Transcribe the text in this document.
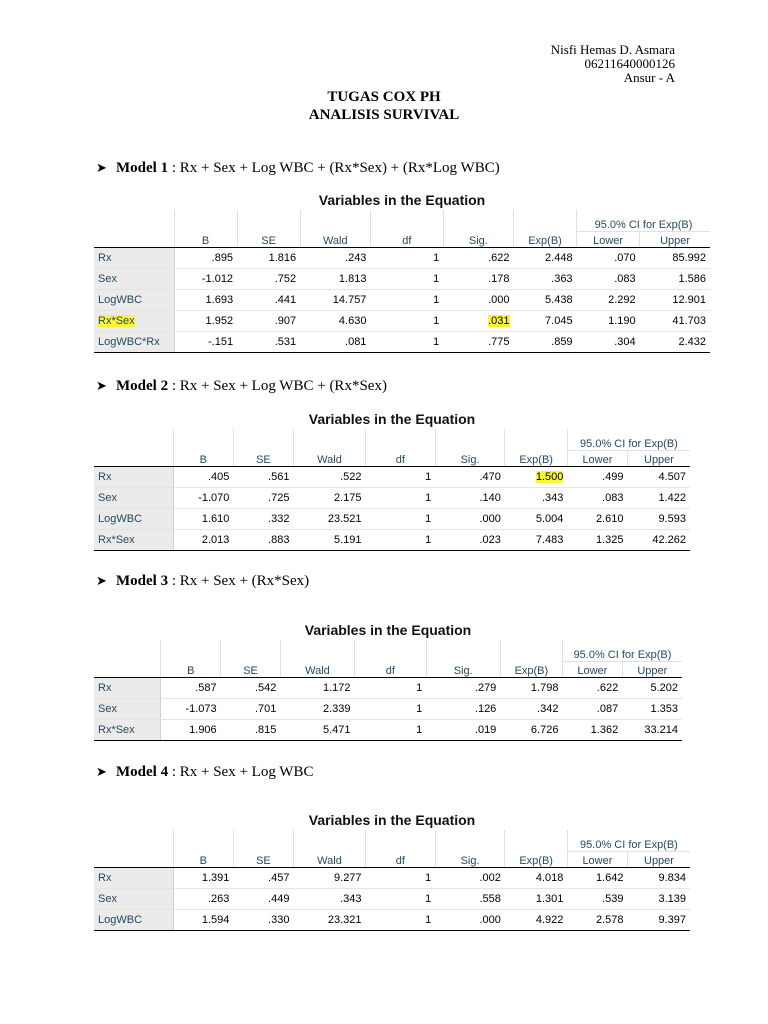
Nisfi Hemas D. Asmara
06211640000126
Ansur - A
TUGAS COX PH
ANALISIS SURVIVAL
➤ Model 1 : Rx + Sex + Log WBC + (Rx*Sex) + (Rx*Log WBC)
Variables in the Equation
							95.0% CI for Exp(B)	
	B	SE	Wald	df	Sig.	Exp(B)	Lower	Upper
Rx	.895	1.816	.243	1	.622	2.448	.070	85.992
Sex	-1.012	.752	1.813	1	.178	.363	.083	1.586
LogWBC	1.693	.441	14.757	1	.000	5.438	2.292	12.901
Rx*Sex	1.952	.907	4.630	1	.031	7.045	1.190	41.703
LogWBC*Rx	-.151	.531	.081	1	.775	.859	.304	2.432
➤ Model 2 : Rx + Sex + Log WBC + (Rx*Sex)
Variables in the Equation
							95.0% CI for Exp(B)	
	B	SE	Wald	df	Sig.	Exp(B)	Lower	Upper
Rx	.405	.561	.522	1	.470	1.500	.499	4.507
Sex	-1.070	.725	2.175	1	.140	.343	.083	1.422
LogWBC	1.610	.332	23.521	1	.000	5.004	2.610	9.593
Rx*Sex	2.013	.883	5.191	1	.023	7.483	1.325	42.262
➤ Model 3 : Rx + Sex + (Rx*Sex)
Variables in the Equation
							95.0% CI for Exp(B)	
	B	SE	Wald	df	Sig.	Exp(B)	Lower	Upper
Rx	.587	.542	1.172	1	.279	1.798	.622	5.202
Sex	-1.073	.701	2.339	1	.126	.342	.087	1.353
Rx*Sex	1.906	.815	5.471	1	.019	6.726	1.362	33.214
➤ Model 4 : Rx + Sex + Log WBC
Variables in the Equation
							95.0% CI for Exp(B)	
	B	SE	Wald	df	Sig.	Exp(B)	Lower	Upper
Rx	1.391	.457	9.277	1	.002	4.018	1.642	9.834
Sex	.263	.449	.343	1	.558	1.301	.539	3.139
LogWBC	1.594	.330	23.321	1	.000	4.922	2.578	9.397
